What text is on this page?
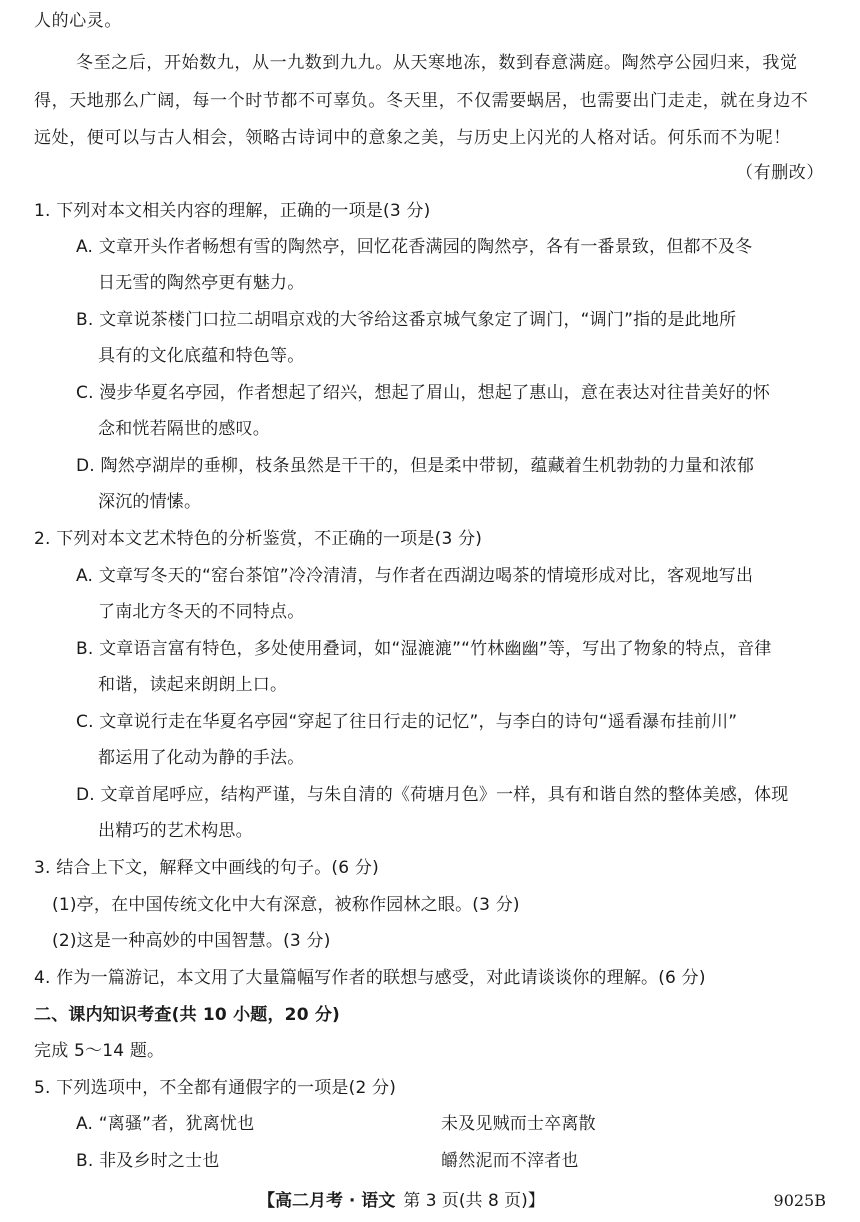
人的心灵。
冬至之后，开始数九，从一九数到九九。从天寒地冻，数到春意满庭。陶然亭公园归来，我觉
得，天地那么广阔，每一个时节都不可辜负。冬天里，不仅需要蜗居，也需要出门走走，就在身边不
远处，便可以与古人相会，领略古诗词中的意象之美，与历史上闪光的人格对话。何乐而不为呢！
（有删改）
1. 下列对本文相关内容的理解，正确的一项是(3 分)
A. 文章开头作者畅想有雪的陶然亭，回忆花香满园的陶然亭，各有一番景致，但都不及冬
日无雪的陶然亭更有魅力。
B. 文章说茶楼门口拉二胡唱京戏的大爷给这番京城气象定了调门，“调门”指的是此地所
具有的文化底蕴和特色等。
C. 漫步华夏名亭园，作者想起了绍兴，想起了眉山，想起了惠山，意在表达对往昔美好的怀
念和恍若隔世的感叹。
D. 陶然亭湖岸的垂柳，枝条虽然是干干的，但是柔中带韧，蕴藏着生机勃勃的力量和浓郁
深沉的情愫。
2. 下列对本文艺术特色的分析鉴赏，不正确的一项是(3 分)
A. 文章写冬天的“窑台茶馆”冷冷清清，与作者在西湖边喝茶的情境形成对比，客观地写出
了南北方冬天的不同特点。
B. 文章语言富有特色，多处使用叠词，如“湿漉漉”“竹林幽幽”等，写出了物象的特点，音律
和谐，读起来朗朗上口。
C. 文章说行走在华夏名亭园“穿起了往日行走的记忆”，与李白的诗句“遥看瀑布挂前川”
都运用了化动为静的手法。
D. 文章首尾呼应，结构严谨，与朱自清的《荷塘月色》一样，具有和谐自然的整体美感，体现
出精巧的艺术构思。
3. 结合上下文，解释文中画线的句子。(6 分)
(1)亭，在中国传统文化中大有深意，被称作园林之眼。(3 分)
(2)这是一种高妙的中国智慧。(3 分)
4. 作为一篇游记，本文用了大量篇幅写作者的联想与感受，对此请谈谈你的理解。(6 分)
二、课内知识考查(共 10 小题，20 分)
完成 5～14 题。
5. 下列选项中，不全都有通假字的一项是(2 分)
A. “离骚”者，犹离忧也	未及见贼而士卒离散
B. 非及乡时之士也	皭然泥而不滓者也
【高二月考 · 语文 第 3 页(共 8 页)】	9025B
